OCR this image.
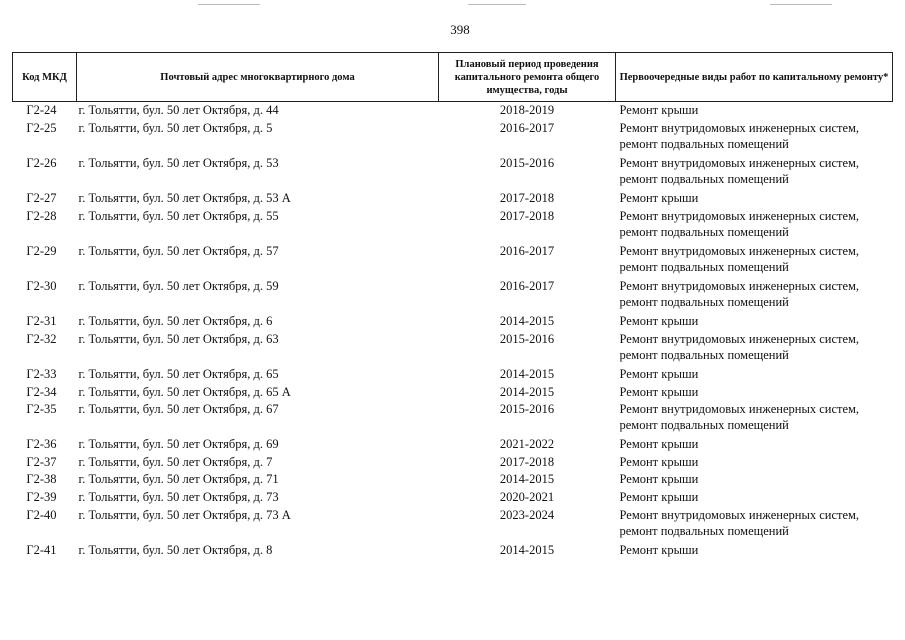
398
Код МКД	Почтовый адрес многоквартирного дома	Плановый период проведения капитального ремонта общего имущества, годы	Первоочередные виды работ по капитальному ремонту*
Г2-24	г. Тольятти, бул. 50 лет Октября, д. 44	2018-2019	Ремонт крыши
Г2-25	г. Тольятти, бул. 50 лет Октября, д. 5	2016-2017	Ремонт внутридомовых инженерных систем, ремонт подвальных помещений
Г2-26	г. Тольятти, бул. 50 лет Октября, д. 53	2015-2016	Ремонт внутридомовых инженерных систем, ремонт подвальных помещений
Г2-27	г. Тольятти, бул. 50 лет Октября, д. 53 А	2017-2018	Ремонт крыши
Г2-28	г. Тольятти, бул. 50 лет Октября, д. 55	2017-2018	Ремонт внутридомовых инженерных систем, ремонт подвальных помещений
Г2-29	г. Тольятти, бул. 50 лет Октября, д. 57	2016-2017	Ремонт внутридомовых инженерных систем, ремонт подвальных помещений
Г2-30	г. Тольятти, бул. 50 лет Октября, д. 59	2016-2017	Ремонт внутридомовых инженерных систем, ремонт подвальных помещений
Г2-31	г. Тольятти, бул. 50 лет Октября, д. 6	2014-2015	Ремонт крыши
Г2-32	г. Тольятти, бул. 50 лет Октября, д. 63	2015-2016	Ремонт внутридомовых инженерных систем, ремонт подвальных помещений
Г2-33	г. Тольятти, бул. 50 лет Октября, д. 65	2014-2015	Ремонт крыши
Г2-34	г. Тольятти, бул. 50 лет Октября, д. 65 А	2014-2015	Ремонт крыши
Г2-35	г. Тольятти, бул. 50 лет Октября, д. 67	2015-2016	Ремонт внутридомовых инженерных систем, ремонт подвальных помещений
Г2-36	г. Тольятти, бул. 50 лет Октября, д. 69	2021-2022	Ремонт крыши
Г2-37	г. Тольятти, бул. 50 лет Октября, д. 7	2017-2018	Ремонт крыши
Г2-38	г. Тольятти, бул. 50 лет Октября, д. 71	2014-2015	Ремонт крыши
Г2-39	г. Тольятти, бул. 50 лет Октября, д. 73	2020-2021	Ремонт крыши
Г2-40	г. Тольятти, бул. 50 лет Октября, д. 73 А	2023-2024	Ремонт внутридомовых инженерных систем, ремонт подвальных помещений
Г2-41	г. Тольятти, бул. 50 лет Октября, д. 8	2014-2015	Ремонт крыши
